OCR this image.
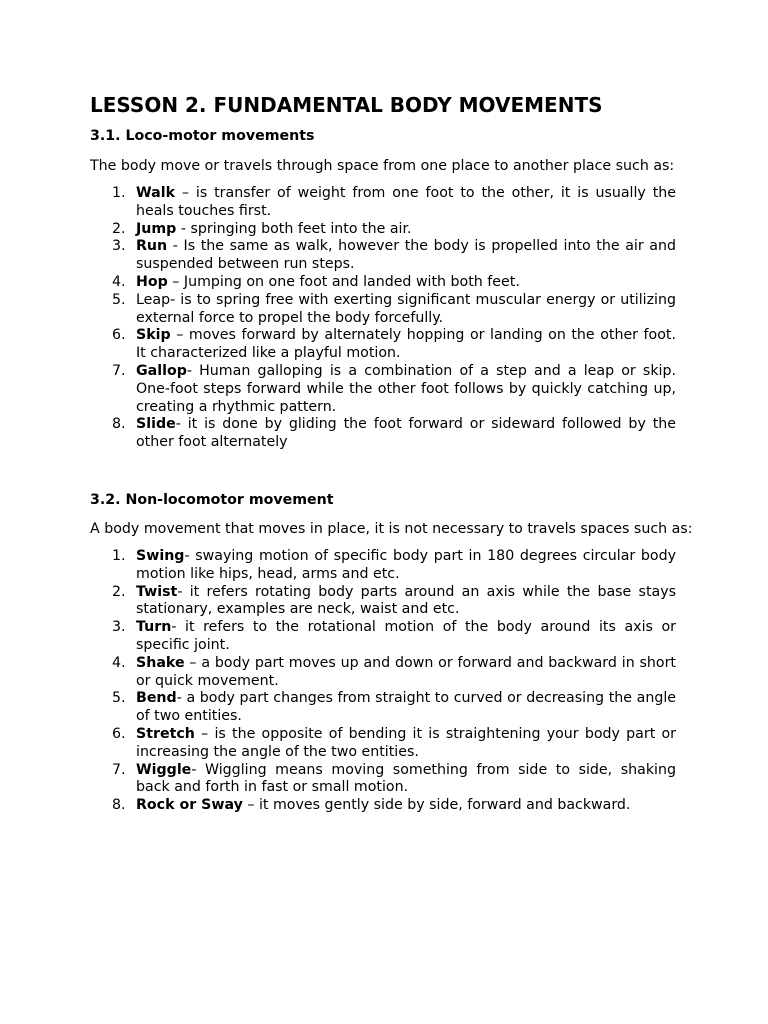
LESSON 2. FUNDAMENTAL BODY MOVEMENTS
3.1. Loco-motor movements

The body move or travels through space from one place to another place such as:

1. Walk – is transfer of weight from one foot to the other, it is usually the heals touches first.
2. Jump - springing both feet into the air.
3. Run - Is the same as walk, however the body is propelled into the air and suspended between run steps.
4. Hop – Jumping on one foot and landed with both feet.
5. Leap- is to spring free with exerting significant muscular energy or utilizing external force to propel the body forcefully.
6. Skip – moves forward by alternately hopping or landing on the other foot. It characterized like a playful motion.
7. Gallop- Human galloping is a combination of a step and a leap or skip. One-foot steps forward while the other foot follows by quickly catching up, creating a rhythmic pattern.
8. Slide- it is done by gliding the foot forward or sideward followed by the other foot alternately
3.2. Non-locomotor movement

A body movement that moves in place, it is not necessary to travels spaces such as:

1. Swing- swaying motion of specific body part in 180 degrees circular body motion like hips, head, arms and etc.
2. Twist- it refers rotating body parts around an axis while the base stays stationary, examples are neck, waist and etc.
3. Turn- it refers to the rotational motion of the body around its axis or specific joint.
4. Shake – a body part moves up and down or forward and backward in short or quick movement.
5. Bend- a body part changes from straight to curved or decreasing the angle of two entities.
6. Stretch – is the opposite of bending it is straightening your body part or increasing the angle of the two entities.
7. Wiggle- Wiggling means moving something from side to side, shaking back and forth in fast or small motion.
8. Rock or Sway – it moves gently side by side, forward and backward.
